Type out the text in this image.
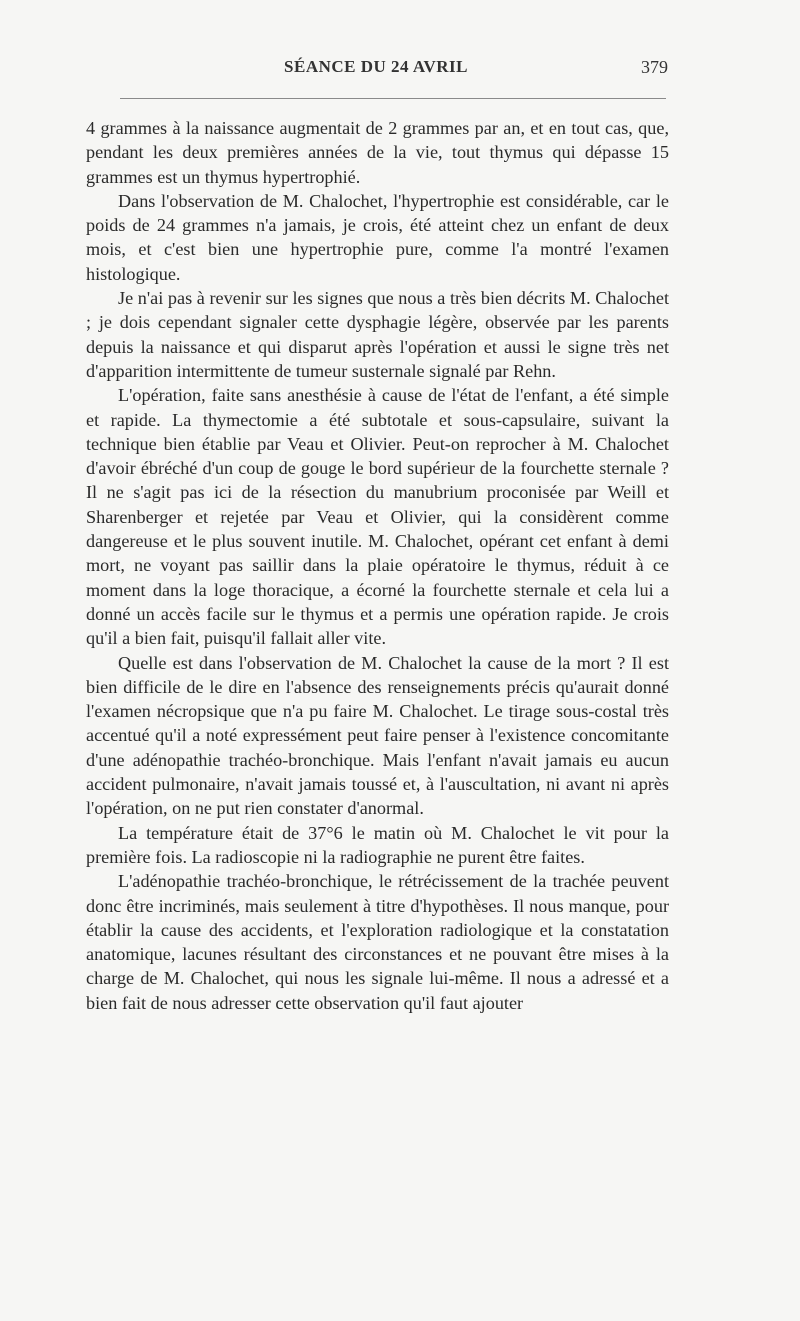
SÉANCE DU 24 AVRIL	379

4 grammes à la naissance augmentait de 2 grammes par an, et en tout cas, que, pendant les deux premières années de la vie, tout thymus qui dépasse 15 grammes est un thymus hypertrophié.

Dans l'observation de M. Chalochet, l'hypertrophie est considérable, car le poids de 24 grammes n'a jamais, je crois, été atteint chez un enfant de deux mois, et c'est bien une hypertrophie pure, comme l'a montré l'examen histologique.

Je n'ai pas à revenir sur les signes que nous a très bien décrits M. Chalochet ; je dois cependant signaler cette dysphagie légère, observée par les parents depuis la naissance et qui disparut après l'opération et aussi le signe très net d'apparition intermittente de tumeur susternale signalé par Rehn.

L'opération, faite sans anesthésie à cause de l'état de l'enfant, a été simple et rapide. La thymectomie a été subtotale et sous-capsulaire, suivant la technique bien établie par Veau et Olivier. Peut-on reprocher à M. Chalochet d'avoir ébréché d'un coup de gouge le bord supérieur de la fourchette sternale ? Il ne s'agit pas ici de la résection du manubrium proconisée par Weill et Sharenberger et rejetée par Veau et Olivier, qui la considèrent comme dangereuse et le plus souvent inutile. M. Chalochet, opérant cet enfant à demi mort, ne voyant pas saillir dans la plaie opératoire le thymus, réduit à ce moment dans la loge thoracique, a écorné la fourchette sternale et cela lui a donné un accès facile sur le thymus et a permis une opération rapide. Je crois qu'il a bien fait, puisqu'il fallait aller vite.

Quelle est dans l'observation de M. Chalochet la cause de la mort ? Il est bien difficile de le dire en l'absence des renseignements précis qu'aurait donné l'examen nécropsique que n'a pu faire M. Chalochet. Le tirage sous-costal très accentué qu'il a noté expressément peut faire penser à l'existence concomitante d'une adénopathie trachéo-bronchique. Mais l'enfant n'avait jamais eu aucun accident pulmonaire, n'avait jamais toussé et, à l'auscultation, ni avant ni après l'opération, on ne put rien constater d'anormal.

La température était de 37°6 le matin où M. Chalochet le vit pour la première fois. La radioscopie ni la radiographie ne purent être faites.

L'adénopathie trachéo-bronchique, le rétrécissement de la trachée peuvent donc être incriminés, mais seulement à titre d'hypothèses. Il nous manque, pour établir la cause des accidents, et l'exploration radiologique et la constatation anatomique, lacunes résultant des circonstances et ne pouvant être mises à la charge de M. Chalochet, qui nous les signale lui-même. Il nous a adressé et a bien fait de nous adresser cette observation qu'il faut ajouter
